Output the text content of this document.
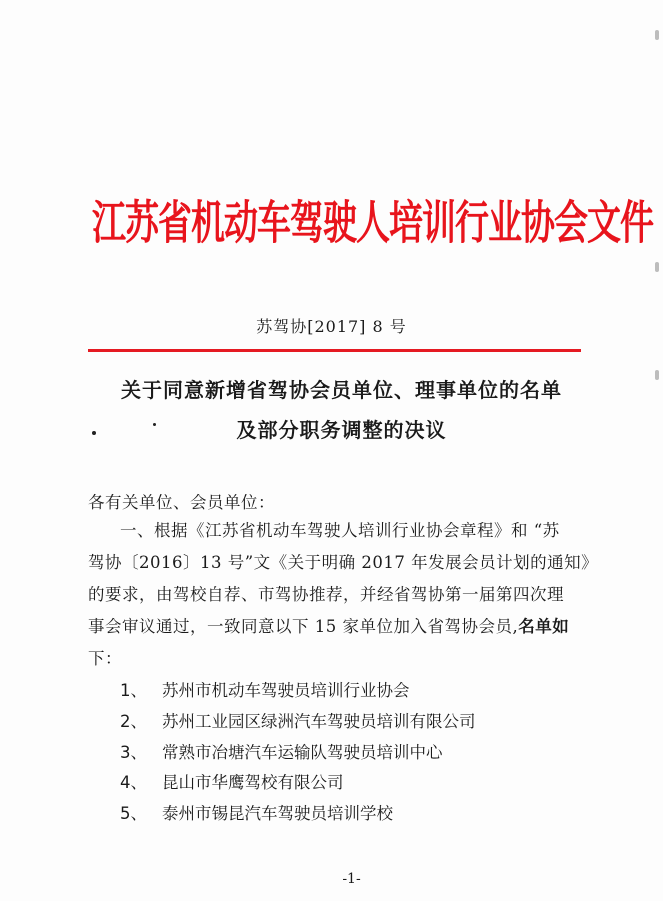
江苏省机动车驾驶人培训行业协会文件
苏驾协[2017] 8 号
关于同意新增省驾协会员单位、理事单位的名单
及部分职务调整的决议
各有关单位、会员单位：
一、根据《江苏省机动车驾驶人培训行业协会章程》和 “苏
驾协〔2016〕13 号”文《关于明确 2017 年发展会员计划的通知》
的要求，由驾校自荐、市驾协推荐，并经省驾协第一届第四次理
事会审议通过，一致同意以下 15 家单位加入省驾协会员,名单如
下：
1、 苏州市机动车驾驶员培训行业协会
2、 苏州工业园区绿洲汽车驾驶员培训有限公司
3、 常熟市冶塘汽车运输队驾驶员培训中心
4、 昆山市华鹰驾校有限公司
5、 泰州市锡昆汽车驾驶员培训学校
-1-
